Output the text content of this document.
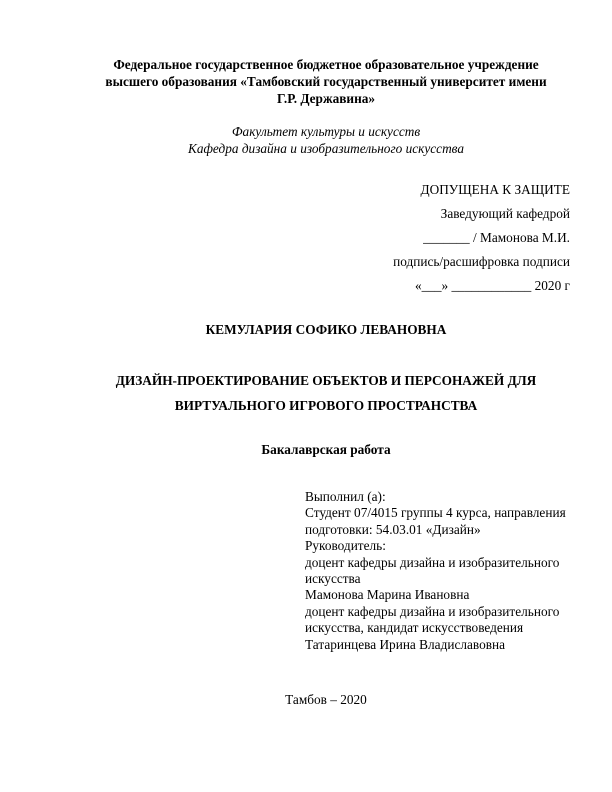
Федеральное государственное бюджетное образовательное учреждение
высшего образования «Тамбовский государственный университет имени
Г.Р. Державина»
Факультет культуры и искусств
Кафедра дизайна и изобразительного искусства
ДОПУЩЕНА К ЗАЩИТЕ
Заведующий кафедрой
_______ / Мамонова М.И.
подпись/расшифровка подписи
«___» ____________ 2020 г
КЕМУЛАРИЯ СОФИКО ЛЕВАНОВНА
ДИЗАЙН-ПРОЕКТИРОВАНИЕ ОБЪЕКТОВ И ПЕРСОНАЖЕЙ ДЛЯ
ВИРТУАЛЬНОГО ИГРОВОГО ПРОСТРАНСТВА
Бакалаврская работа
Выполнил (а):
Студент 07/4015 группы 4 курса, направления
подготовки: 54.03.01 «Дизайн»
Руководитель:
доцент кафедры дизайна и изобразительного
искусства
Мамонова Марина Ивановна
доцент кафедры дизайна и изобразительного
искусства, кандидат искусствоведения
Татаринцева Ирина Владиславовна
Тамбов – 2020
